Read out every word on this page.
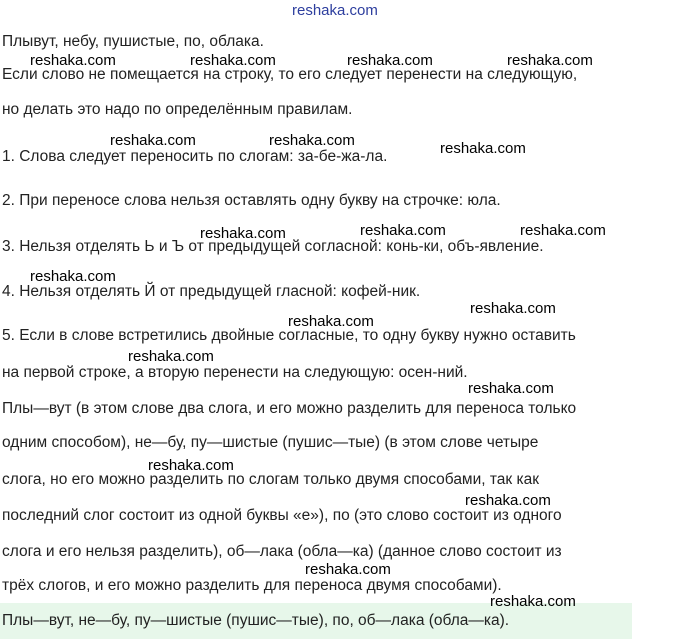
reshaka.com
Плывут, небу, пушистые, по, облака.
Если слово не помещается на строку, то его следует перенести на следующую,
но делать это надо по определённым правилам.
1. Слова следует переносить по слогам: за-бе-жа-ла.
2. При переносе слова нельзя оставлять одну букву на строчке: юла.
3. Нельзя отделять Ь и Ъ от предыдущей согласной: конь-ки, объ-явление.
4. Нельзя отделять Й от предыдущей гласной: кофей-ник.
5. Если в слове встретились двойные согласные, то одну букву нужно оставить
на первой строке, а вторую перенести на следующую: осен-ний.
Плы—вут (в этом слове два слога, и его можно разделить для переноса только
одним способом), не—бу, пу—шистые (пушис—тые) (в этом слове четыре
слога, но его можно разделить по слогам только двумя способами, так как
последний слог состоит из одной буквы «е»), по (это слово состоит из одного
слога и его нельзя разделить), об—лака (обла—ка) (данное слово состоит из
трёх слогов, и его можно разделить для переноса двумя способами).
Плы—вут, не—бу, пу—шистые (пушис—тые), по, об—лака (обла—ка).
reshaka.com	reshaka.com	reshaka.com	reshaka.com
reshaka.com	reshaka.com	reshaka.com
reshaka.com	reshaka.com	reshaka.com
reshaka.com
reshaka.com
reshaka.com
reshaka.com
reshaka.com
reshaka.com
reshaka.com
reshaka.com
reshaka.com
